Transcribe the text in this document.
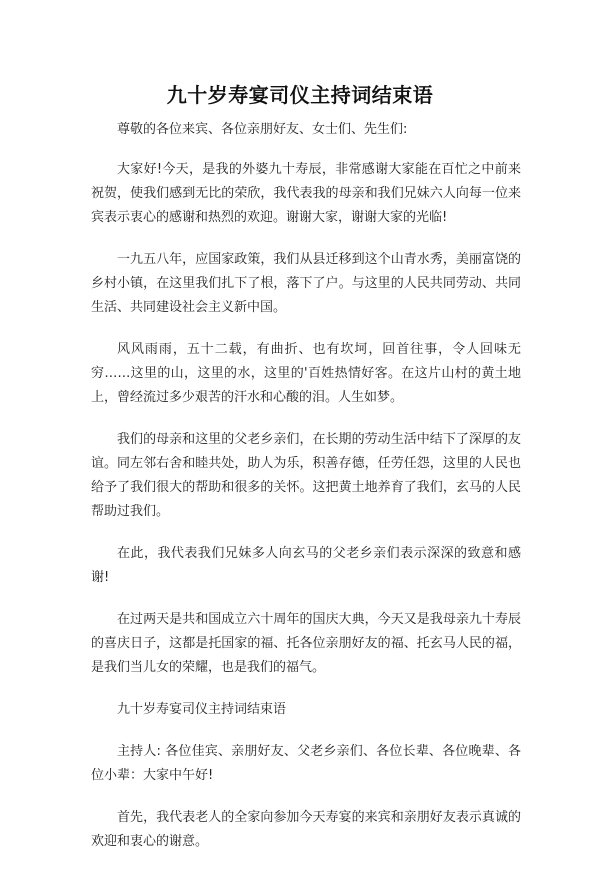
九十岁寿宴司仪主持词结束语

尊敬的各位来宾、各位亲朋好友、女士们、先生们:

大家好!今天，是我的外婆九十寿辰，非常感谢大家能在百忙之中前来祝贺，使我们感到无比的荣欣，我代表我的母亲和我们兄妹六人向每一位来宾表示衷心的感谢和热烈的欢迎。谢谢大家，谢谢大家的光临!

一九五八年，应国家政策，我们从县迁移到这个山青水秀，美丽富饶的乡村小镇，在这里我们扎下了根，落下了户。与这里的人民共同劳动、共同生活、共同建设社会主义新中国。

风风雨雨，五十二载，有曲折、也有坎坷，回首往事，令人回味无穷……这里的山，这里的水，这里的'百姓热情好客。在这片山村的黄土地上，曾经流过多少艰苦的汗水和心酸的泪。人生如梦。

我们的母亲和这里的父老乡亲们，在长期的劳动生活中结下了深厚的友谊。同左邻右舍和睦共处，助人为乐，积善存德，任劳任怨，这里的人民也给予了我们很大的帮助和很多的关怀。这把黄土地养育了我们，玄马的人民帮助过我们。

在此，我代表我们兄妹多人向玄马的父老乡亲们表示深深的致意和感谢!

在过两天是共和国成立六十周年的国庆大典，今天又是我母亲九十寿辰的喜庆日子，这都是托国家的福、托各位亲朋好友的福、托玄马人民的福，是我们当儿女的荣耀，也是我们的福气。

九十岁寿宴司仪主持词结束语

主持人: 各位佳宾、亲朋好友、父老乡亲们、各位长辈、各位晚辈、各位小辈：大家中午好!

首先，我代表老人的全家向参加今天寿宴的来宾和亲朋好友表示真诚的欢迎和衷心的谢意。
